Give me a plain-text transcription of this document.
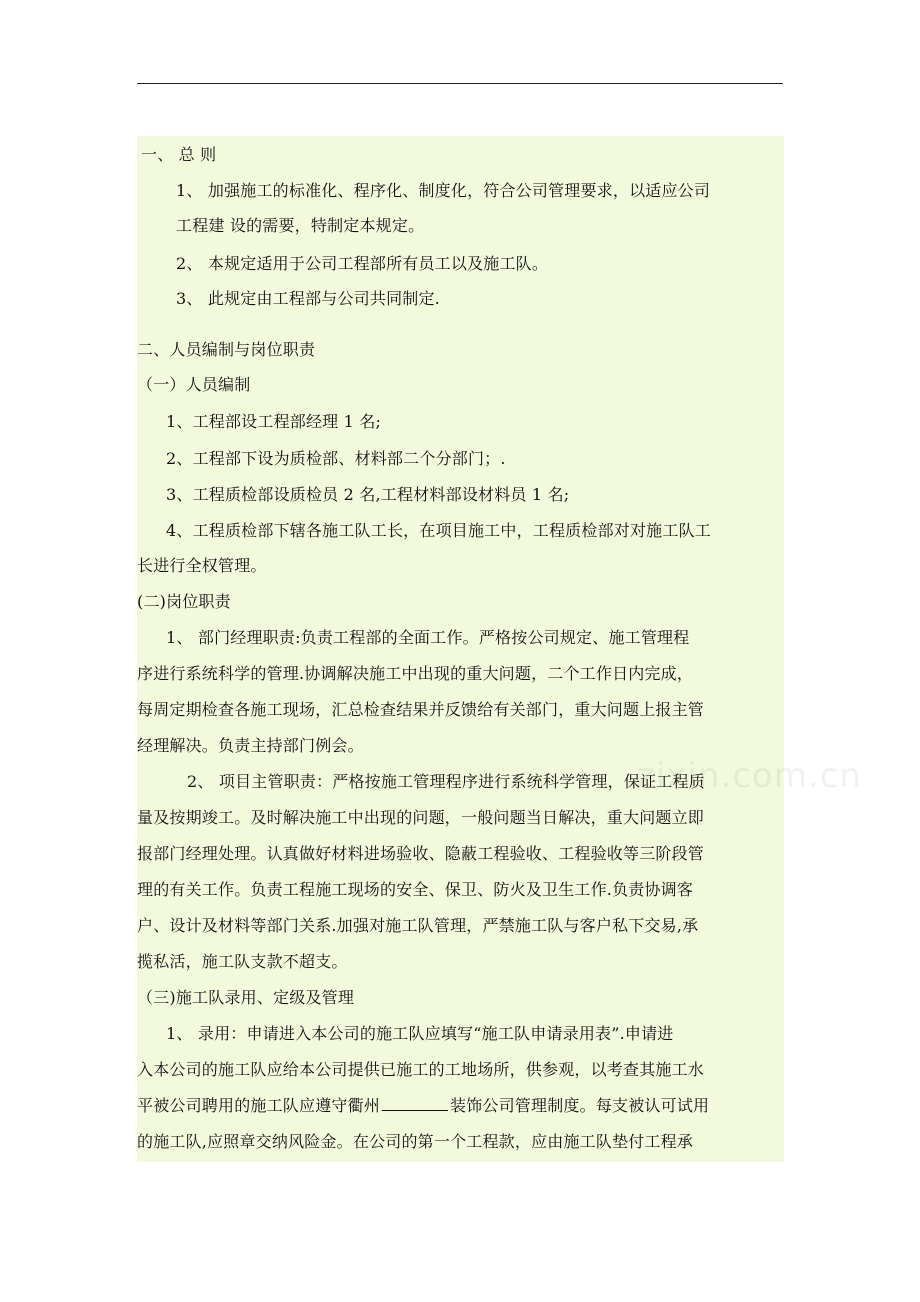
一、 总 则
1、 加强施工的标准化、程序化、制度化，符合公司管理要求，以适应公司
工程建 设的需要，特制定本规定。
2、 本规定适用于公司工程部所有员工以及施工队。
3、 此规定由工程部与公司共同制定.
二、人员编制与岗位职责
（一）人员编制
1、工程部设工程部经理 1 名;
2、工程部下设为质检部、材料部二个分部门；.
3、工程质检部设质检员 2 名,工程材料部设材料员 1 名;
4、工程质检部下辖各施工队工长，在项目施工中，工程质检部对对施工队工
长进行全权管理。
(二)岗位职责
1、 部门经理职责:负责工程部的全面工作。严格按公司规定、施工管理程
序进行系统科学的管理.协调解决施工中出现的重大问题，二个工作日内完成，
每周定期检查各施工现场，汇总检查结果并反馈给有关部门，重大问题上报主管
经理解决。负责主持部门例会。
2、 项目主管职责：严格按施工管理程序进行系统科学管理，保证工程质
量及按期竣工。及时解决施工中出现的问题，一般问题当日解决，重大问题立即
报部门经理处理。认真做好材料进场验收、隐蔽工程验收、工程验收等三阶段管
理的有关工作。负责工程施工现场的安全、保卫、防火及卫生工作.负责协调客
户、设计及材料等部门关系.加强对施工队管理，严禁施工队与客户私下交易,承
揽私活，施工队支款不超支。
（三)施工队录用、定级及管理
1、 录用：申请进入本公司的施工队应填写“施工队申请录用表”.申请进
入本公司的施工队应给本公司提供已施工的工地场所，供参观，以考查其施工水
平被公司聘用的施工队应遵守衢州	装饰公司管理制度。每支被认可试用
的施工队,应照章交纳风险金。在公司的第一个工程款，应由施工队垫付工程承
zixin.com.cn
